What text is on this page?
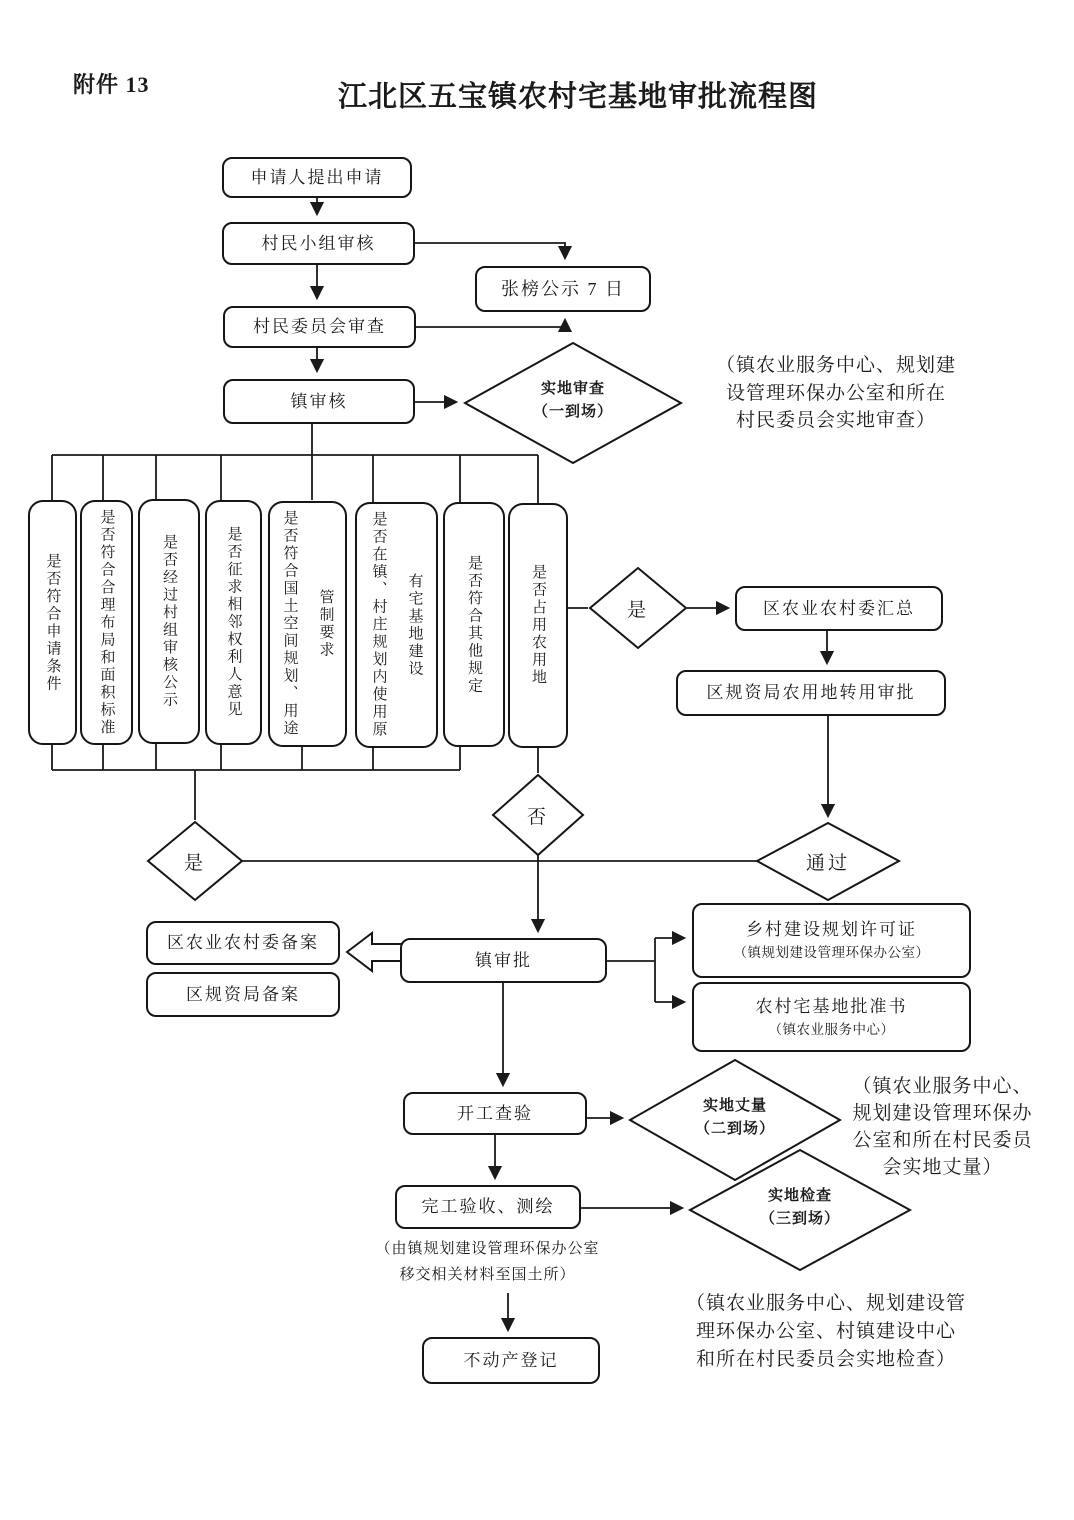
附件 13	江北区五宝镇农村宅基地审批流程图
申请人提出申请
村民小组审核
张榜公示 7 日
村民委员会审查
镇审核
区农业农村委汇总
区规资局农用地转用审批
区农业农村委备案
区规资局备案
镇审批
乡村建设规划许可证
（镇规划建设管理环保办公室）
农村宅基地批准书
（镇农业服务中心）
开工查验
完工验收、测绘
不动产登记
是否符合申请条件	是否符合合理布局和面积标准	是否经过村组审核公示	是否征求相邻权利人意见	是否符合国土空间规划、用途管制要求	是否在镇、村庄规划内使用原有宅基地建设	是否符合其他规定	是否占用农用地
实地审查
（一到场）
是
是
否
通过
实地丈量
（二到场）
实地检查
（三到场）
（镇农业服务中心、规划建
设管理环保办公室和所在
村民委员会实地审查）
（镇农业服务中心、
规划建设管理环保办
公室和所在村民委员
会实地丈量）
（镇农业服务中心、规划建设管
理环保办公室、村镇建设中心
和所在村民委员会实地检查）
（由镇规划建设管理环保办公室
移交相关材料至国土所）
